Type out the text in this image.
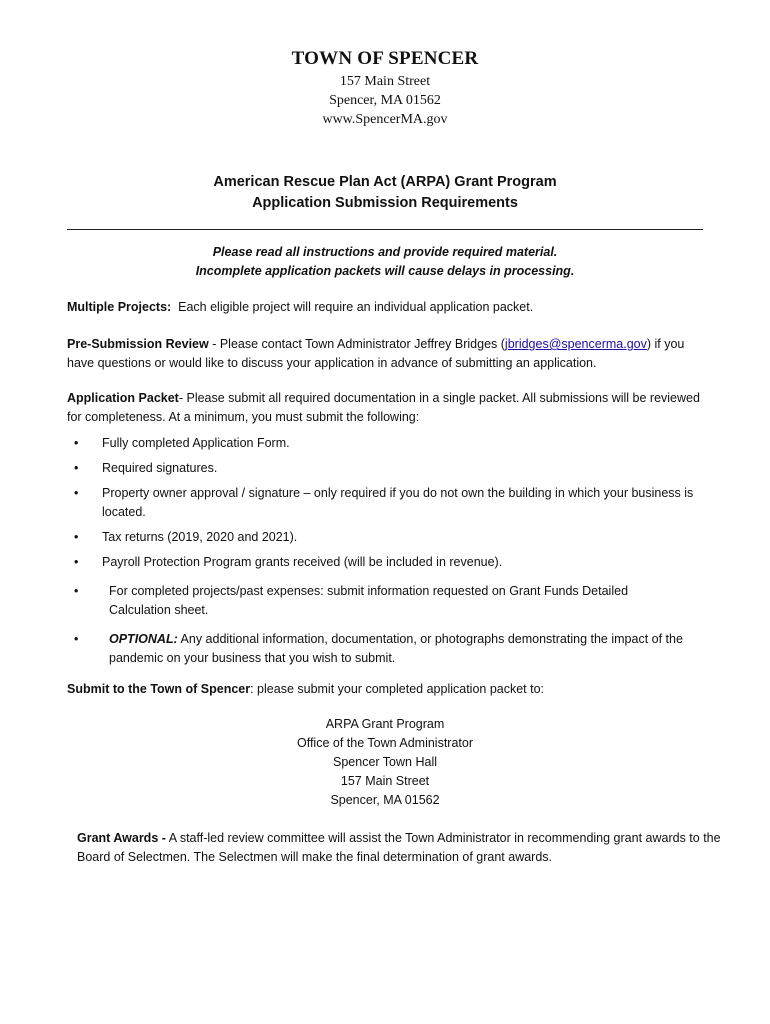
TOWN OF SPENCER
157 Main Street
Spencer, MA 01562
www.SpencerMA.gov
American Rescue Plan Act (ARPA) Grant Program
Application Submission Requirements
Please read all instructions and provide required material.
Incomplete application packets will cause delays in processing.
Multiple Projects: Each eligible project will require an individual application packet.
Pre-Submission Review - Please contact Town Administrator Jeffrey Bridges (jbridges@spencerma.gov) if you have questions or would like to discuss your application in advance of submitting an application.
Application Packet- Please submit all required documentation in a single packet. All submissions will be reviewed for completeness. At a minimum, you must submit the following:
• Fully completed Application Form.
• Required signatures.
• Property owner approval / signature – only required if you do not own the building in which your business is located.
• Tax returns (2019, 2020 and 2021).
• Payroll Protection Program grants received (will be included in revenue).
• For completed projects/past expenses: submit information requested on Grant Funds Detailed Calculation sheet.
• OPTIONAL: Any additional information, documentation, or photographs demonstrating the impact of the pandemic on your business that you wish to submit.
Submit to the Town of Spencer: please submit your completed application packet to:
ARPA Grant Program
Office of the Town Administrator
Spencer Town Hall
157 Main Street
Spencer, MA 01562
Grant Awards - A staff-led review committee will assist the Town Administrator in recommending grant awards to the Board of Selectmen. The Selectmen will make the final determination of grant awards.
